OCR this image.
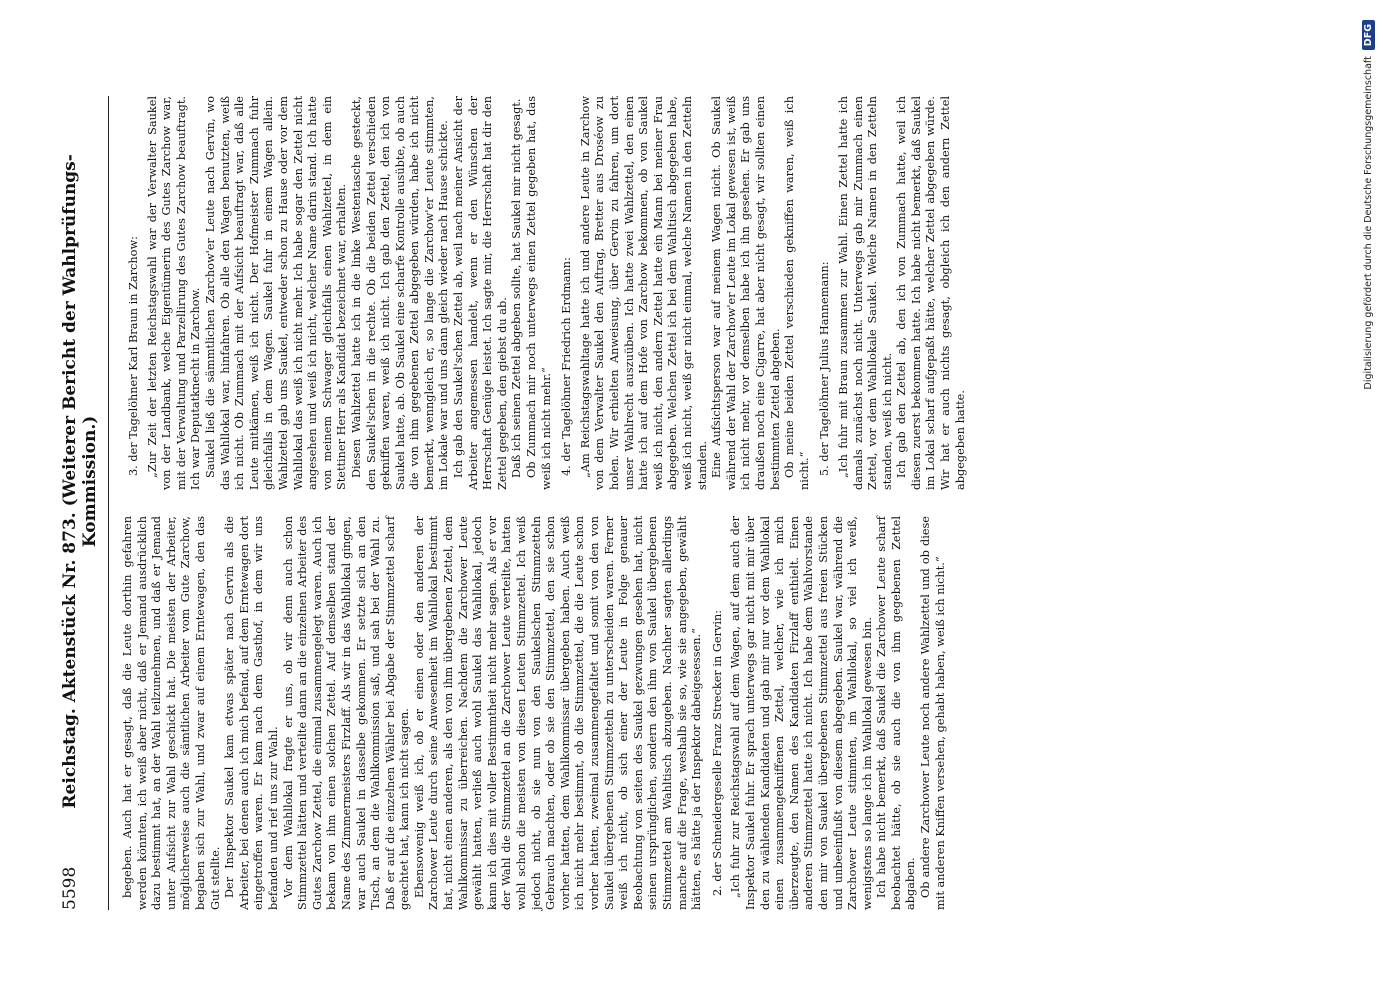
5598
Reichstag. Aktenstück Nr. 873. (Weiterer Bericht der Wahlprüfungs-Kommission.)

begeben. Auch hat er gesagt, daß die Leute dorthin gefahren werden könnten, ich weiß aber nicht, daß er Jemand ausdrücklich dazu bestimmt hat, an der Wahl teilzunehmen, und daß er Jemand unter Aufsicht zur Wahl geschickt hat. Die meisten der Arbeiter, möglicherweise auch die sämtlichen Arbeiter vom Gute Zarchow, begaben sich zur Wahl, und zwar auf einem Erntewagen, den das Gut stellte. Der Inspektor Saukel kam etwas später nach Gervin als die Arbeiter, bei denen auch ich mich befand, auf dem Erntewagen dort eingetroffen waren. Er kam nach dem Gasthof, in dem wir uns befanden und rief uns zur Wahl. Vor dem Wahllokal fragte er uns, ob wir denn auch schon Stimmzettel hätten und verteilte dann an die einzelnen Arbeiter des Gutes Zarchow Zettel, die einmal zusammengelegt waren. Auch ich bekam von ihm einen solchen Zettel. Auf demselben stand der Name des Zimmermeisters Firzlaff. Als wir in das Wahllokal gingen, war auch Saukel in dasselbe gekommen. Er setzte sich an den Tisch, an dem die Wahlkommission saß, und sah bei der Wahl zu. Daß er auf die einzelnen Wähler bei Abgabe der Stimmzettel scharf geachtet hat, kann ich nicht sagen. Ebensowenig weiß ich, ob er einen oder den anderen der Zarchower Leute durch seine Anwesenheit im Wahllokal bestimmt hat, nicht einen anderen, als den von ihm übergebenen Zettel, dem Wahlkommissar zu überreichen. Nachdem die Zarchower Leute gewählt hatten, verließ auch wohl Saukel das Wahllokal, jedoch kann ich dies mit voller Bestimmtheit nicht mehr sagen. Als er vor der Wahl die Stimmzettel an die Zarchower Leute verteilte, hatten wohl schon die meisten von diesen Leuten Stimmzettel. Ich weiß jedoch nicht, ob sie nun von den Saukelschen Stimmzetteln Gebrauch machten, oder ob sie den Stimmzettel, den sie schon vorher hatten, dem Wahlkommissar übergeben haben. Auch weiß ich nicht mehr bestimmt, ob die Stimmzettel, die die Leute schon vorher hatten, zweimal zusammengefaltet und somit von den von Saukel übergebenen Stimmzetteln zu unterscheiden waren. Ferner weiß ich nicht, ob sich einer der Leute in Folge genauer Beobachtung von seiten des Saukel gezwungen gesehen hat, nicht seinen ursprünglichen, sondern den ihm von Saukel übergebenen Stimmzettel am Wahltisch abzugeben. Nachher sagten allerdings manche auf die Frage, weshalb sie so, wie sie angegeben, gewählt hätten, es hätte ja der Inspektor dabeigesessen.“ 2. der Schneidergeselle Franz Strecker in Gervin: „Ich fuhr zur Reichstagswahl auf dem Wagen, auf dem auch der Inspektor Saukel fuhr. Er sprach unterwegs gar nicht mit mir über den zu wählenden Kandidaten und gab mir nur vor dem Wahllokal einen zusammengekniffenen Zettel, welcher, wie ich mich überzeugte, den Namen des Kandidaten Firzlaff enthielt. Einen anderen Stimmzettel hatte ich nicht. Ich habe dem Wahlvorstande den mir von Saukel übergebenen Stimmzettel aus freien Stücken und unbeeinflußt von diesem abgegeben. Saukel war, während die Zarchower Leute stimmten, im Wahllokal, so viel ich weiß, wenigstens so lange ich im Wahllokal gewesen bin. Ich habe nicht bemerkt, daß Saukel die Zarchower Leute scharf beobachtet hätte, ob sie auch die von ihm gegebenen Zettel abgaben. Ob andere Zarchower Leute noch andere Wahlzettel und ob diese mit anderen Kniffen versehen, gehabt haben, weiß ich nicht.“

3. der Tagelöhner Karl Braun in Zarchow: „Zur Zeit der letzten Reichstagswahl war der Verwalter Saukel von der Landbank, welche Eigentümerin des Gutes Zarchow war, mit der Verwaltung und Parzellirung des Gutes Zarchow beauftragt. Ich war Deputatknecht in Zarchow. Saukel ließ die sämmtlichen Zarchow'er Leute nach Gervin, wo das Wahllokal war, hinfahren. Ob alle den Wagen benutzten, weiß ich nicht. Ob Zummach mit der Aufsicht beauftragt war, daß alle Leute mitkämen, weiß ich nicht. Der Hofmeister Zummach fuhr gleichfalls in dem Wagen. Saukel fuhr in einem Wagen allein. Wahlzettel gab uns Saukel, entweder schon zu Hause oder vor dem Wahllokal das weiß ich nicht mehr. Ich habe sogar den Zettel nicht angesehen und weiß ich nicht, welcher Name darin stand. Ich hatte von meinem Schwager gleichfalls einen Wahlzettel, in dem ein Stettiner Herr als Kandidat bezeichnet war, erhalten. Diesen Wahlzettel hatte ich in die linke Westentasche gesteckt, den Saukel'schen in die rechte. Ob die beiden Zettel verschieden gekniffen waren, weiß ich nicht. Ich gab den Zettel, den ich von Saukel hatte, ab. Ob Saukel eine scharfe Kontrolle ausübte, ob auch die von ihm gegebenen Zettel abgegeben würden, habe ich nicht bemerkt, wenngleich er, so lange die Zarchow'er Leute stimmten, im Lokale war und uns dann gleich wieder nach Hause schickte. Ich gab den Saukel'schen Zettel ab, weil nach meiner Ansicht der Arbeiter angemessen handelt, wenn er den Wünschen der Herrschaft Genüge leistet. Ich sagte mir, die Herrschaft hat dir den Zettel gegeben, den giebst du ab. Daß ich seinen Zettel abgeben sollte, hat Saukel mir nicht gesagt. Ob Zummach mir noch unterwegs einen Zettel gegeben hat, das weiß ich nicht mehr.“ 4. der Tagelöhner Friedrich Erdmann: „Am Reichstagswahltage hatte ich und andere Leute in Zarchow von dem Verwalter Saukel den Auftrag, Bretter aus Droséow zu holen. Wir erhielten Anweisung, über Gervin zu fahren, um dort unser Wahlrecht auszuüben. Ich hatte zwei Wahlzettel, den einen hatte ich auf dem Hofe von Zarchow bekommen, ob von Saukel weiß ich nicht, den andern Zettel hatte ein Mann bei meiner Frau abgegeben. Welchen Zettel ich bei dem Wahltisch abgegeben habe, weiß ich nicht, weiß gar nicht einmal, welche Namen in den Zetteln standen. Eine Aufsichtsperson war auf meinem Wagen nicht. Ob Saukel während der Wahl der Zarchow'er Leute im Lokal gewesen ist, weiß ich nicht mehr, vor demselben habe ich ihn gesehen. Er gab uns draußen noch eine Cigarre, hat aber nicht gesagt, wir sollten einen bestimmten Zettel abgeben. Ob meine beiden Zettel verschieden gekniffen waren, weiß ich nicht.“ 5. der Tagelöhner Julius Hannemann: „Ich fuhr mit Braun zusammen zur Wahl. Einen Zettel hatte ich damals zunächst noch nicht. Unterwegs gab mir Zummach einen Zettel, vor dem Wahllokale Saukel. Welche Namen in den Zetteln standen, weiß ich nicht. Ich gab den Zettel ab, den ich von Zummach hatte, weil ich diesen zuerst bekommen hatte. Ich habe nicht bemerkt, daß Saukel im Lokal scharf aufgepaßt hätte, welcher Zettel abgegeben würde. Wir hat er auch nichts gesagt, obgleich ich den andern Zettel abgegeben hatte.

Digitalisierung gefördert durch die Deutsche Forschungsgemeinschaft
DFG
